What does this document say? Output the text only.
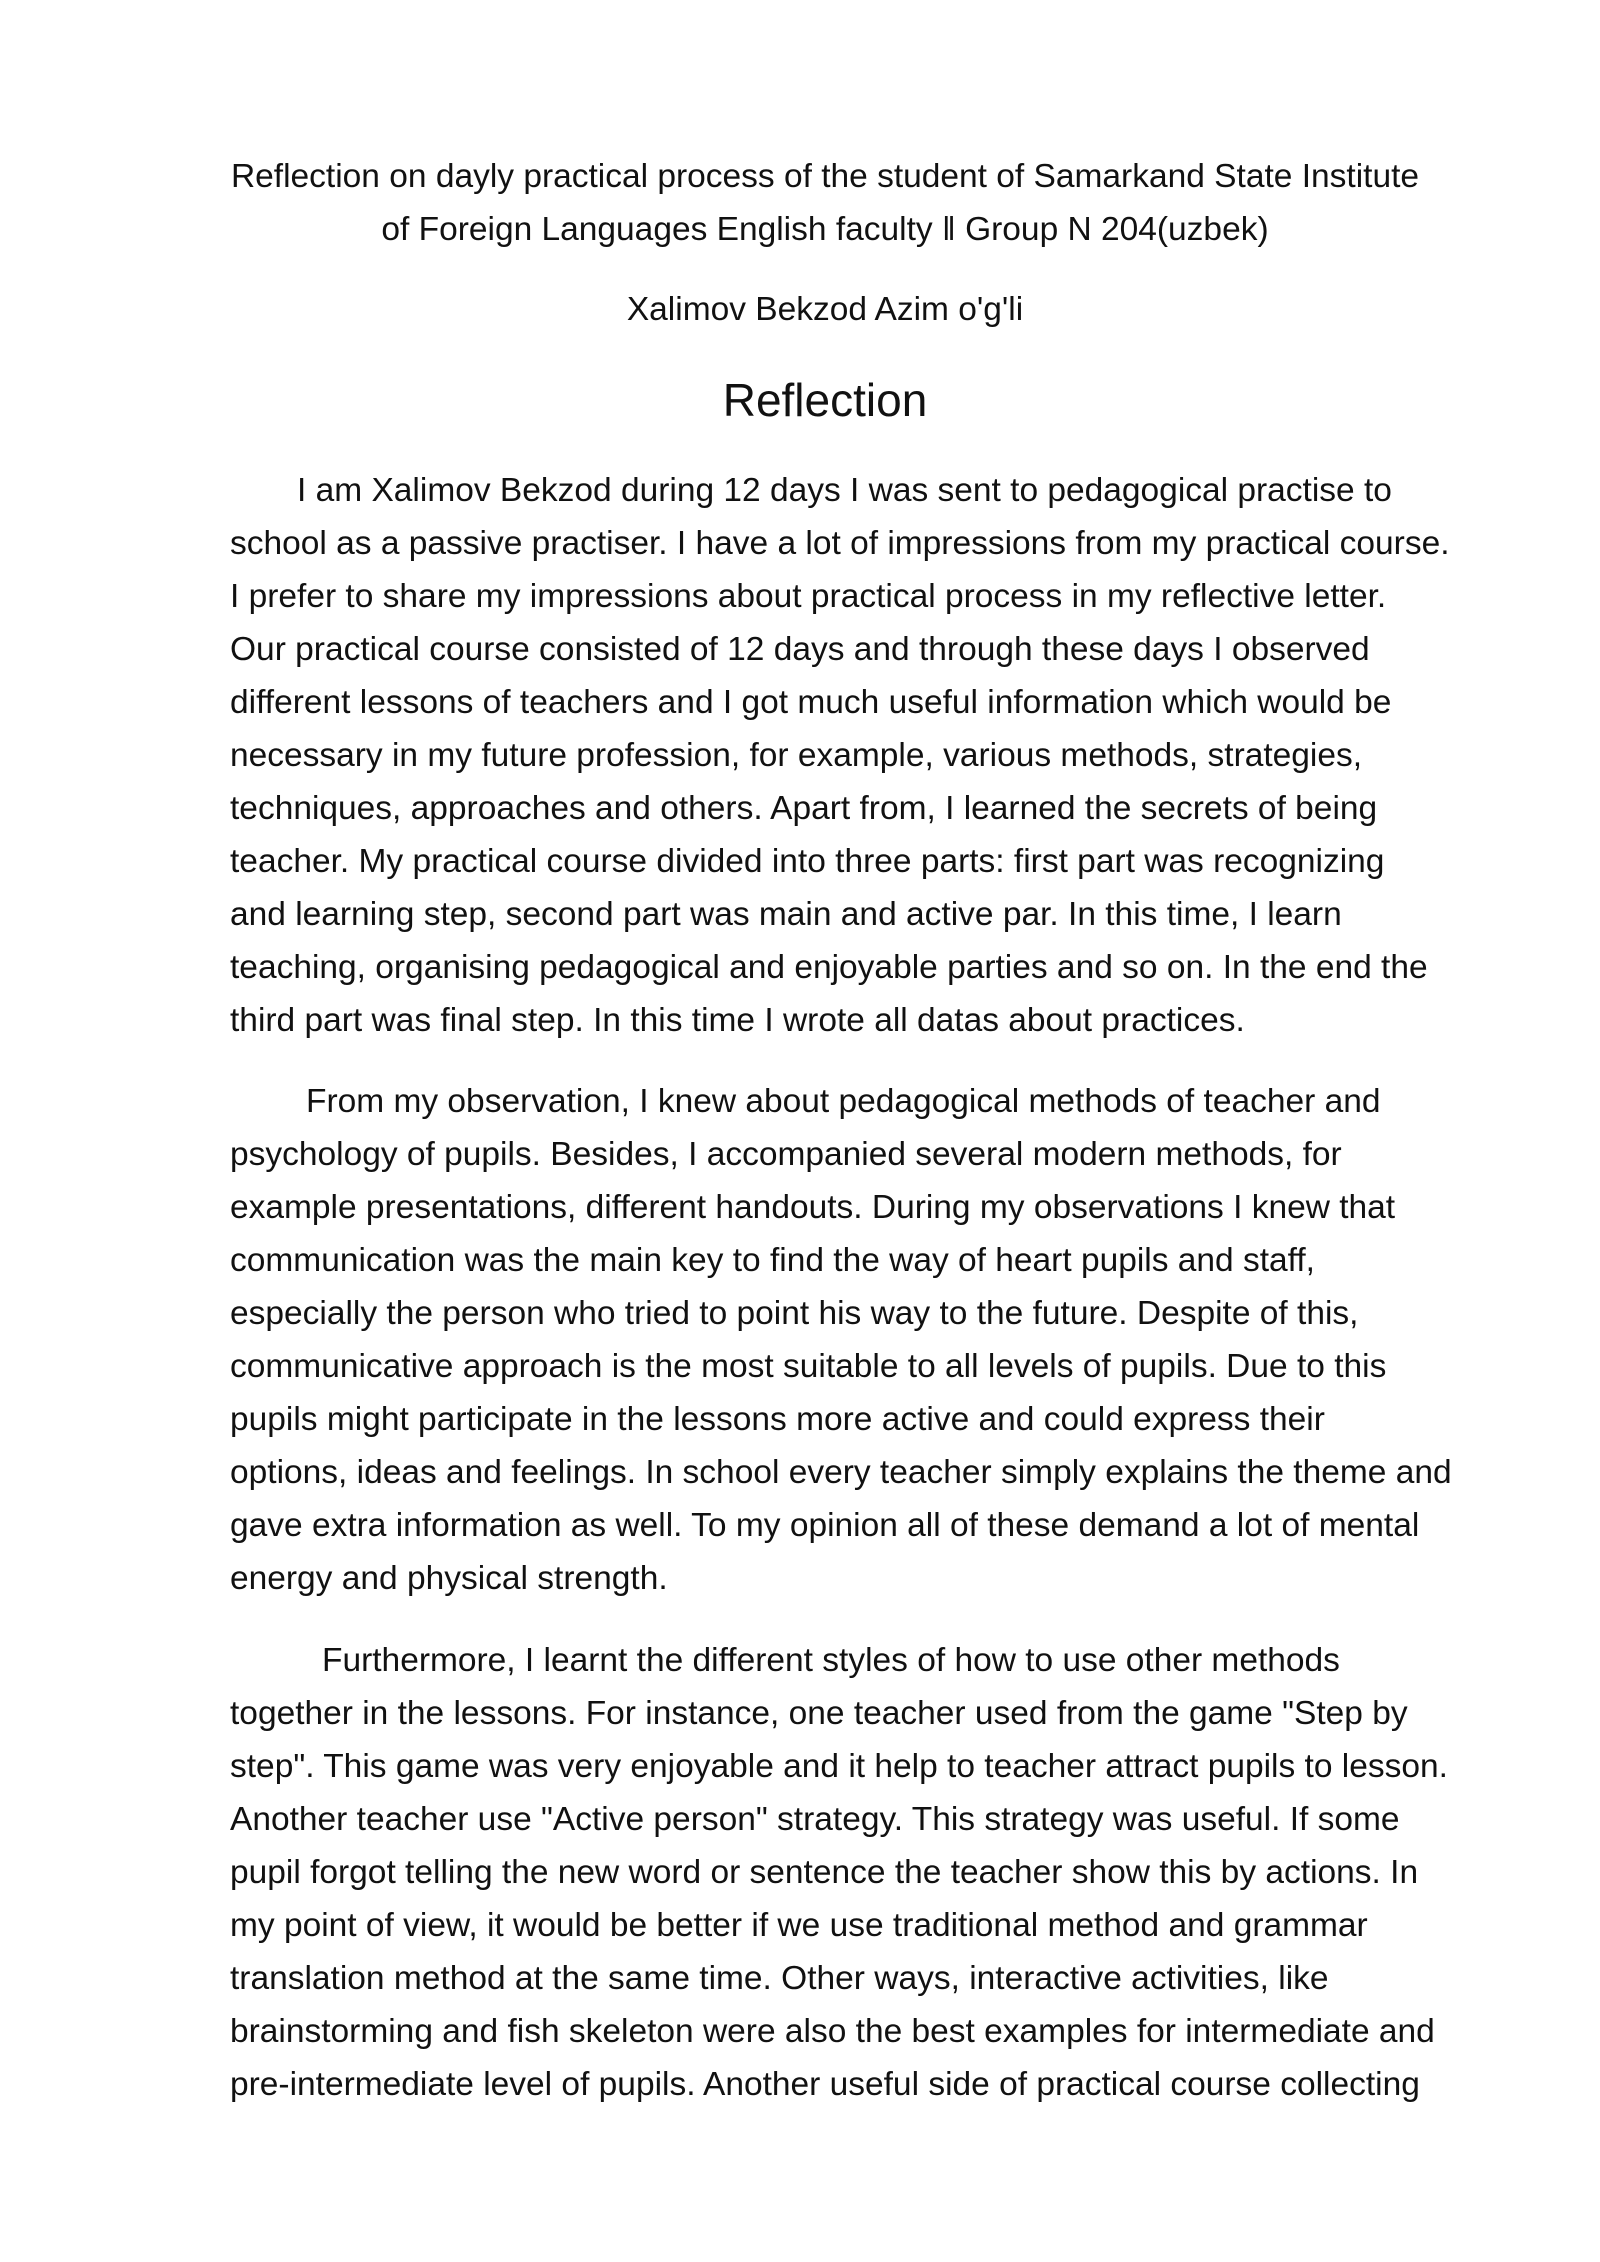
Reflection on dayly practical process of the student of Samarkand State Institute
of Foreign Languages English faculty ǁ Group N 204(uzbek)

Xalimov Bekzod Azim o'g'li

Reflection
I am Xalimov Bekzod during 12 days I was sent to pedagogical practise to
school as a passive practiser. I have a lot of impressions from my practical course.
I prefer to share my impressions about practical process in my reflective letter.
Our practical course consisted of 12 days and through these days I observed
different lessons of teachers and I got much useful information which would be
necessary in my future profession, for example, various methods, strategies,
techniques, approaches and others. Apart from, I learned the secrets of being
teacher. My practical course divided into three parts: first part was recognizing
and learning step, second part was main and active par. In this time, I learn
teaching, organising pedagogical and enjoyable parties and so on. In the end the
third part was final step. In this time I wrote all datas about practices.
From my observation, I knew about pedagogical methods of teacher and
psychology of pupils. Besides, I accompanied several modern methods, for
example presentations, different handouts. During my observations I knew that
communication was the main key to find the way of heart pupils and staff,
especially the person who tried to point his way to the future. Despite of this,
communicative approach is the most suitable to all levels of pupils. Due to this
pupils might participate in the lessons more active and could express their
options, ideas and feelings. In school every teacher simply explains the theme and
gave extra information as well. To my opinion all of these demand a lot of mental
energy and physical strength.
Furthermore, I learnt the different styles of how to use other methods
together in the lessons. For instance, one teacher used from the game "Step by
step". This game was very enjoyable and it help to teacher attract pupils to lesson.
Another teacher use "Active person" strategy. This strategy was useful. If some
pupil forgot telling the new word or sentence the teacher show this by actions. In
my point of view, it would be better if we use traditional method and grammar
translation method at the same time. Other ways, interactive activities, like
brainstorming and fish skeleton were also the best examples for intermediate and
pre-intermediate level of pupils. Another useful side of practical course collecting
